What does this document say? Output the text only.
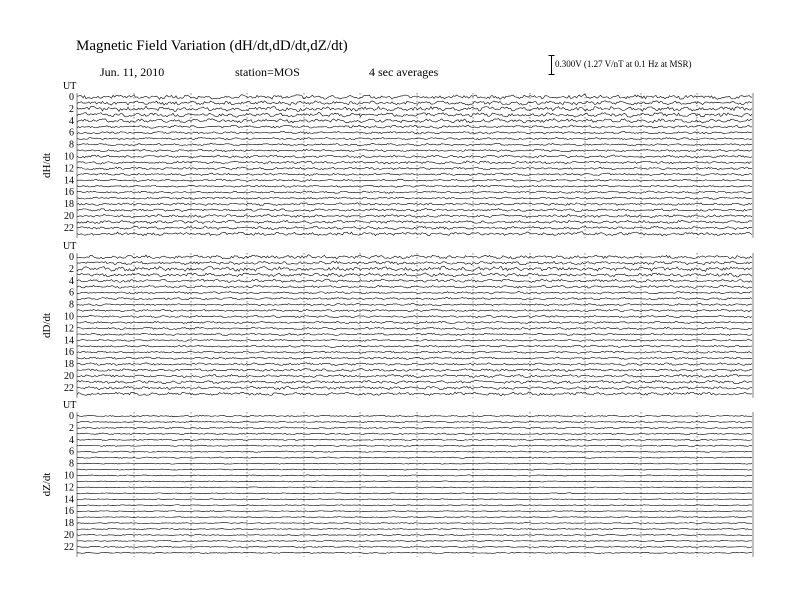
UT
0
2
4
6
8
10
12
14
16
18
20
22
dH/dt
UT
0
2
4
6
8
10
12
14
16
18
20
22
dD/dt
UT
0
2
4
6
8
10
12
14
16
18
20
22
dZ/dt
Magnetic Field Variation (dH/dt,dD/dt,dZ/dt)
Jun. 11, 2010	station=MOS	4 sec averages
0.300V (1.27 V/nT at 0.1 Hz at MSR)
